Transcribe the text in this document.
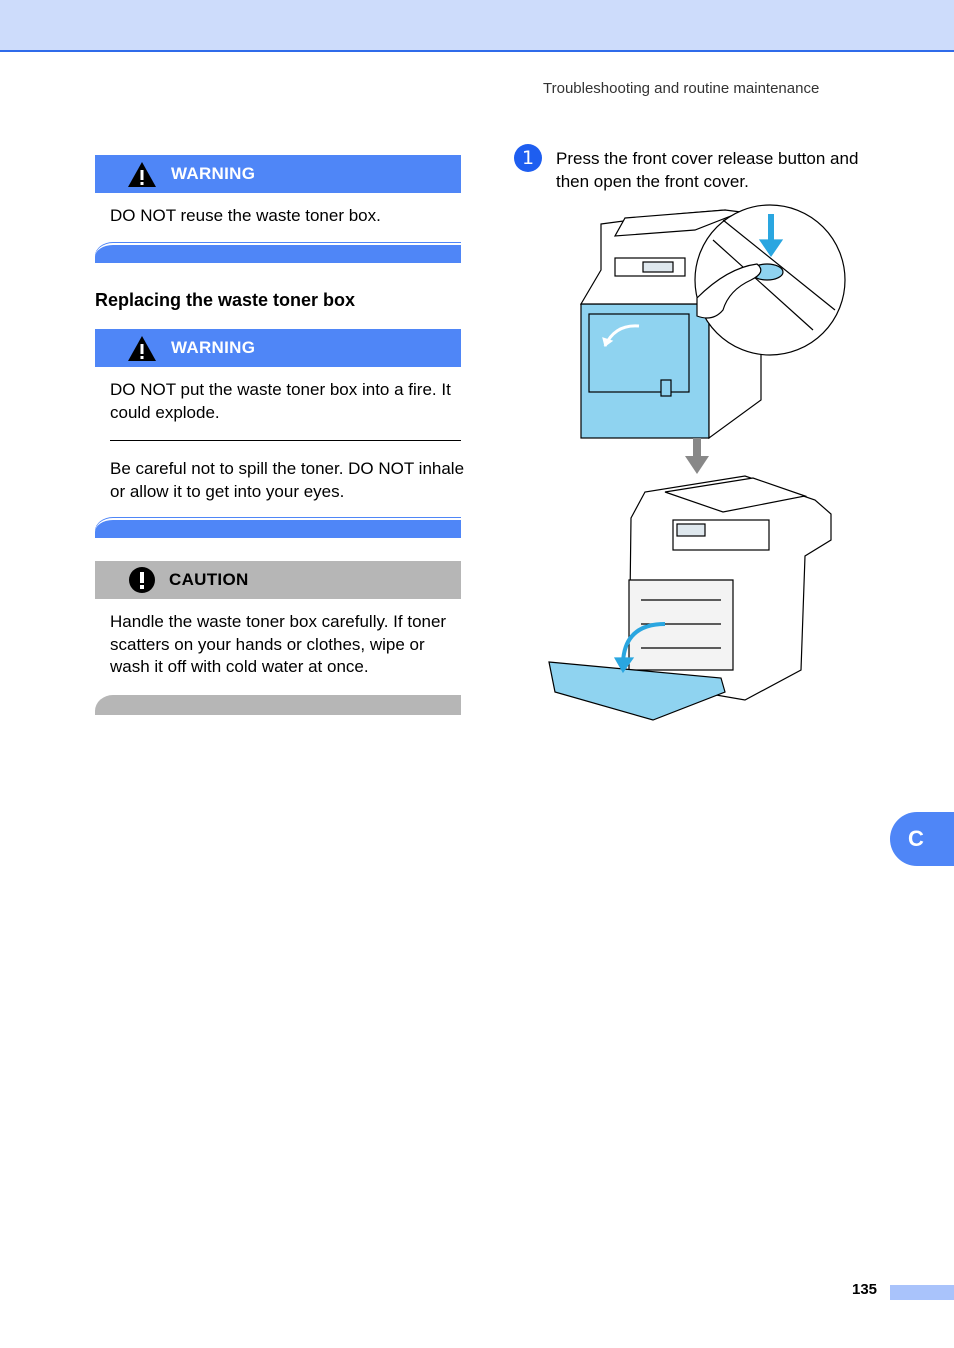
Troubleshooting and routine maintenance
WARNING
DO NOT reuse the waste toner box.
Replacing the waste toner box
WARNING
DO NOT put the waste toner box into a fire. It could explode.
Be careful not to spill the toner. DO NOT inhale or allow it to get into your eyes.
CAUTION
Handle the waste toner box carefully. If toner scatters on your hands or clothes, wipe or wash it off with cold water at once.
1	Press the front cover release button and then open the front cover.
C
135
